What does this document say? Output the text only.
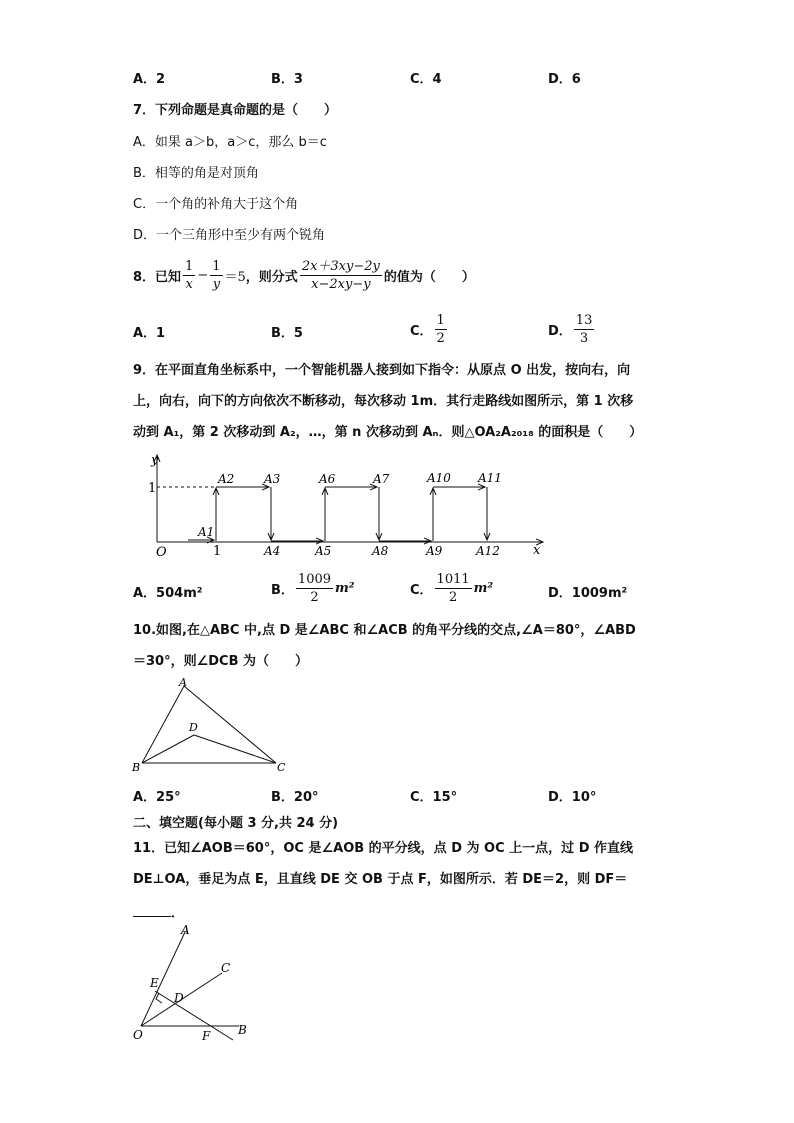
A．2	B．3	C．4	D．6
7．下列命题是真命题的是（　　）
A．如果 a＞b，a＞c，那么 b＝c
B．相等的角是对顶角
C．一个角的补角大于这个角
D．一个三角形中至少有两个锐角
8．已知 $\frac{1}{x} - \frac{1}{y} =5$ ，则分式 $\frac{2x+3xy-2y}{x-2xy-y}$ 的值为（　　）
A．1	B．5	C． $\frac{1}{2}$	D． $\frac{13}{3}$
9．在平面直角坐标系中，一个智能机器人接到如下指令：从原点 O 出发，按向右，向
上，向右，向下的方向依次不断移动，每次移动 1m．其行走路线如图所示，第 1 次移
动到 A₁，第 2 次移动到 A₂，…，第 n 次移动到 Aₙ．则△OA₂A₂₀₁₈ 的面积是（　　）
y
x
O
1
1
A1
A2 A3
A4	A5
A6	A7
A8	A9
A10 A11
A12
A．504m²	B． $\frac{1009}{2} m^2$	C． $\frac{1011}{2} m^2$	D．1009m²
10.如图,在△ABC 中,点 D 是∠ABC 和∠ACB 的角平分线的交点,∠A＝80°，∠ABD
＝30°，则∠DCB 为（　　）
A
B	C
D
A．25°	B．20°	C．15°	D．10°
二、填空题(每小题 3 分,共 24 分)
11．已知∠AOB＝60°，OC 是∠AOB 的平分线，点 D 为 OC 上一点，过 D 作直线
DE⊥OA，垂足为点 E，且直线 DE 交 OB 于点 F，如图所示．若 DE＝2，则 DF＝
．
A
C
E
D
O	F B
